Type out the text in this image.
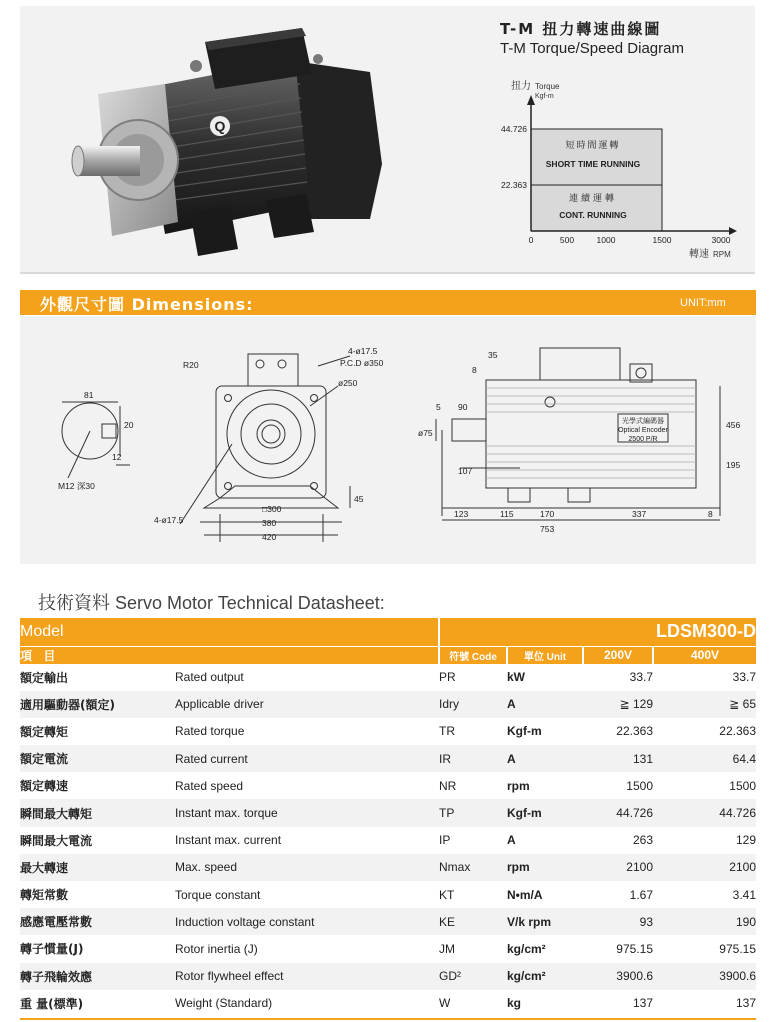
Q
T-M 扭力轉速曲線圖
T-M Torque/Speed Diagram
扭力 Torque
Kgf-m
0	500	1000	1500	3000
44.726
22.363
轉速 RPM
短時間運轉
SHORT TIME RUNNING
連續運轉
CONT. RUNNING
外觀尺寸圖 Dimensions:	UNIT:mm
81
20
12
M12 深30
R20
4-ø17.5
P.C.D ø350
ø250
□300
380
420
45
4-ø17.5
35
8
5 90
ø75
107
456
195
123	115	170	337	8
753
光學式編碼器
Optical Encoder
2500 P/R
技術資料 Servo Motor Technical Datasheet:
Model		LDSM300-D			
項 目		符號 Code	單位 Unit	200V	400V
額定輸出	Rated output	PR	kW	33.7	33.7
適用驅動器(額定)	Applicable driver	Idry	A	≧ 129	≧ 65
額定轉矩	Rated torque	TR	Kgf-m	22.363	22.363
額定電流	Rated current	IR	A	131	64.4
額定轉速	Rated speed	NR	rpm	1500	1500
瞬間最大轉矩	Instant max. torque	TP	Kgf-m	44.726	44.726
瞬間最大電流	Instant max. current	IP	A	263	129
最大轉速	Max. speed	Nmax	rpm	2100	2100
轉矩常數	Torque constant	KT	N•m/A	1.67	3.41
感應電壓常數	Induction voltage constant	KE	V/k rpm	93	190
轉子慣量(J)	Rotor inertia (J)	JM	kg/cm²	975.15	975.15
轉子飛輪效應	Rotor flywheel effect	GD²	kg/cm²	3900.6	3900.6
重 量(標準)	Weight (Standard)	W	kg	137	137
